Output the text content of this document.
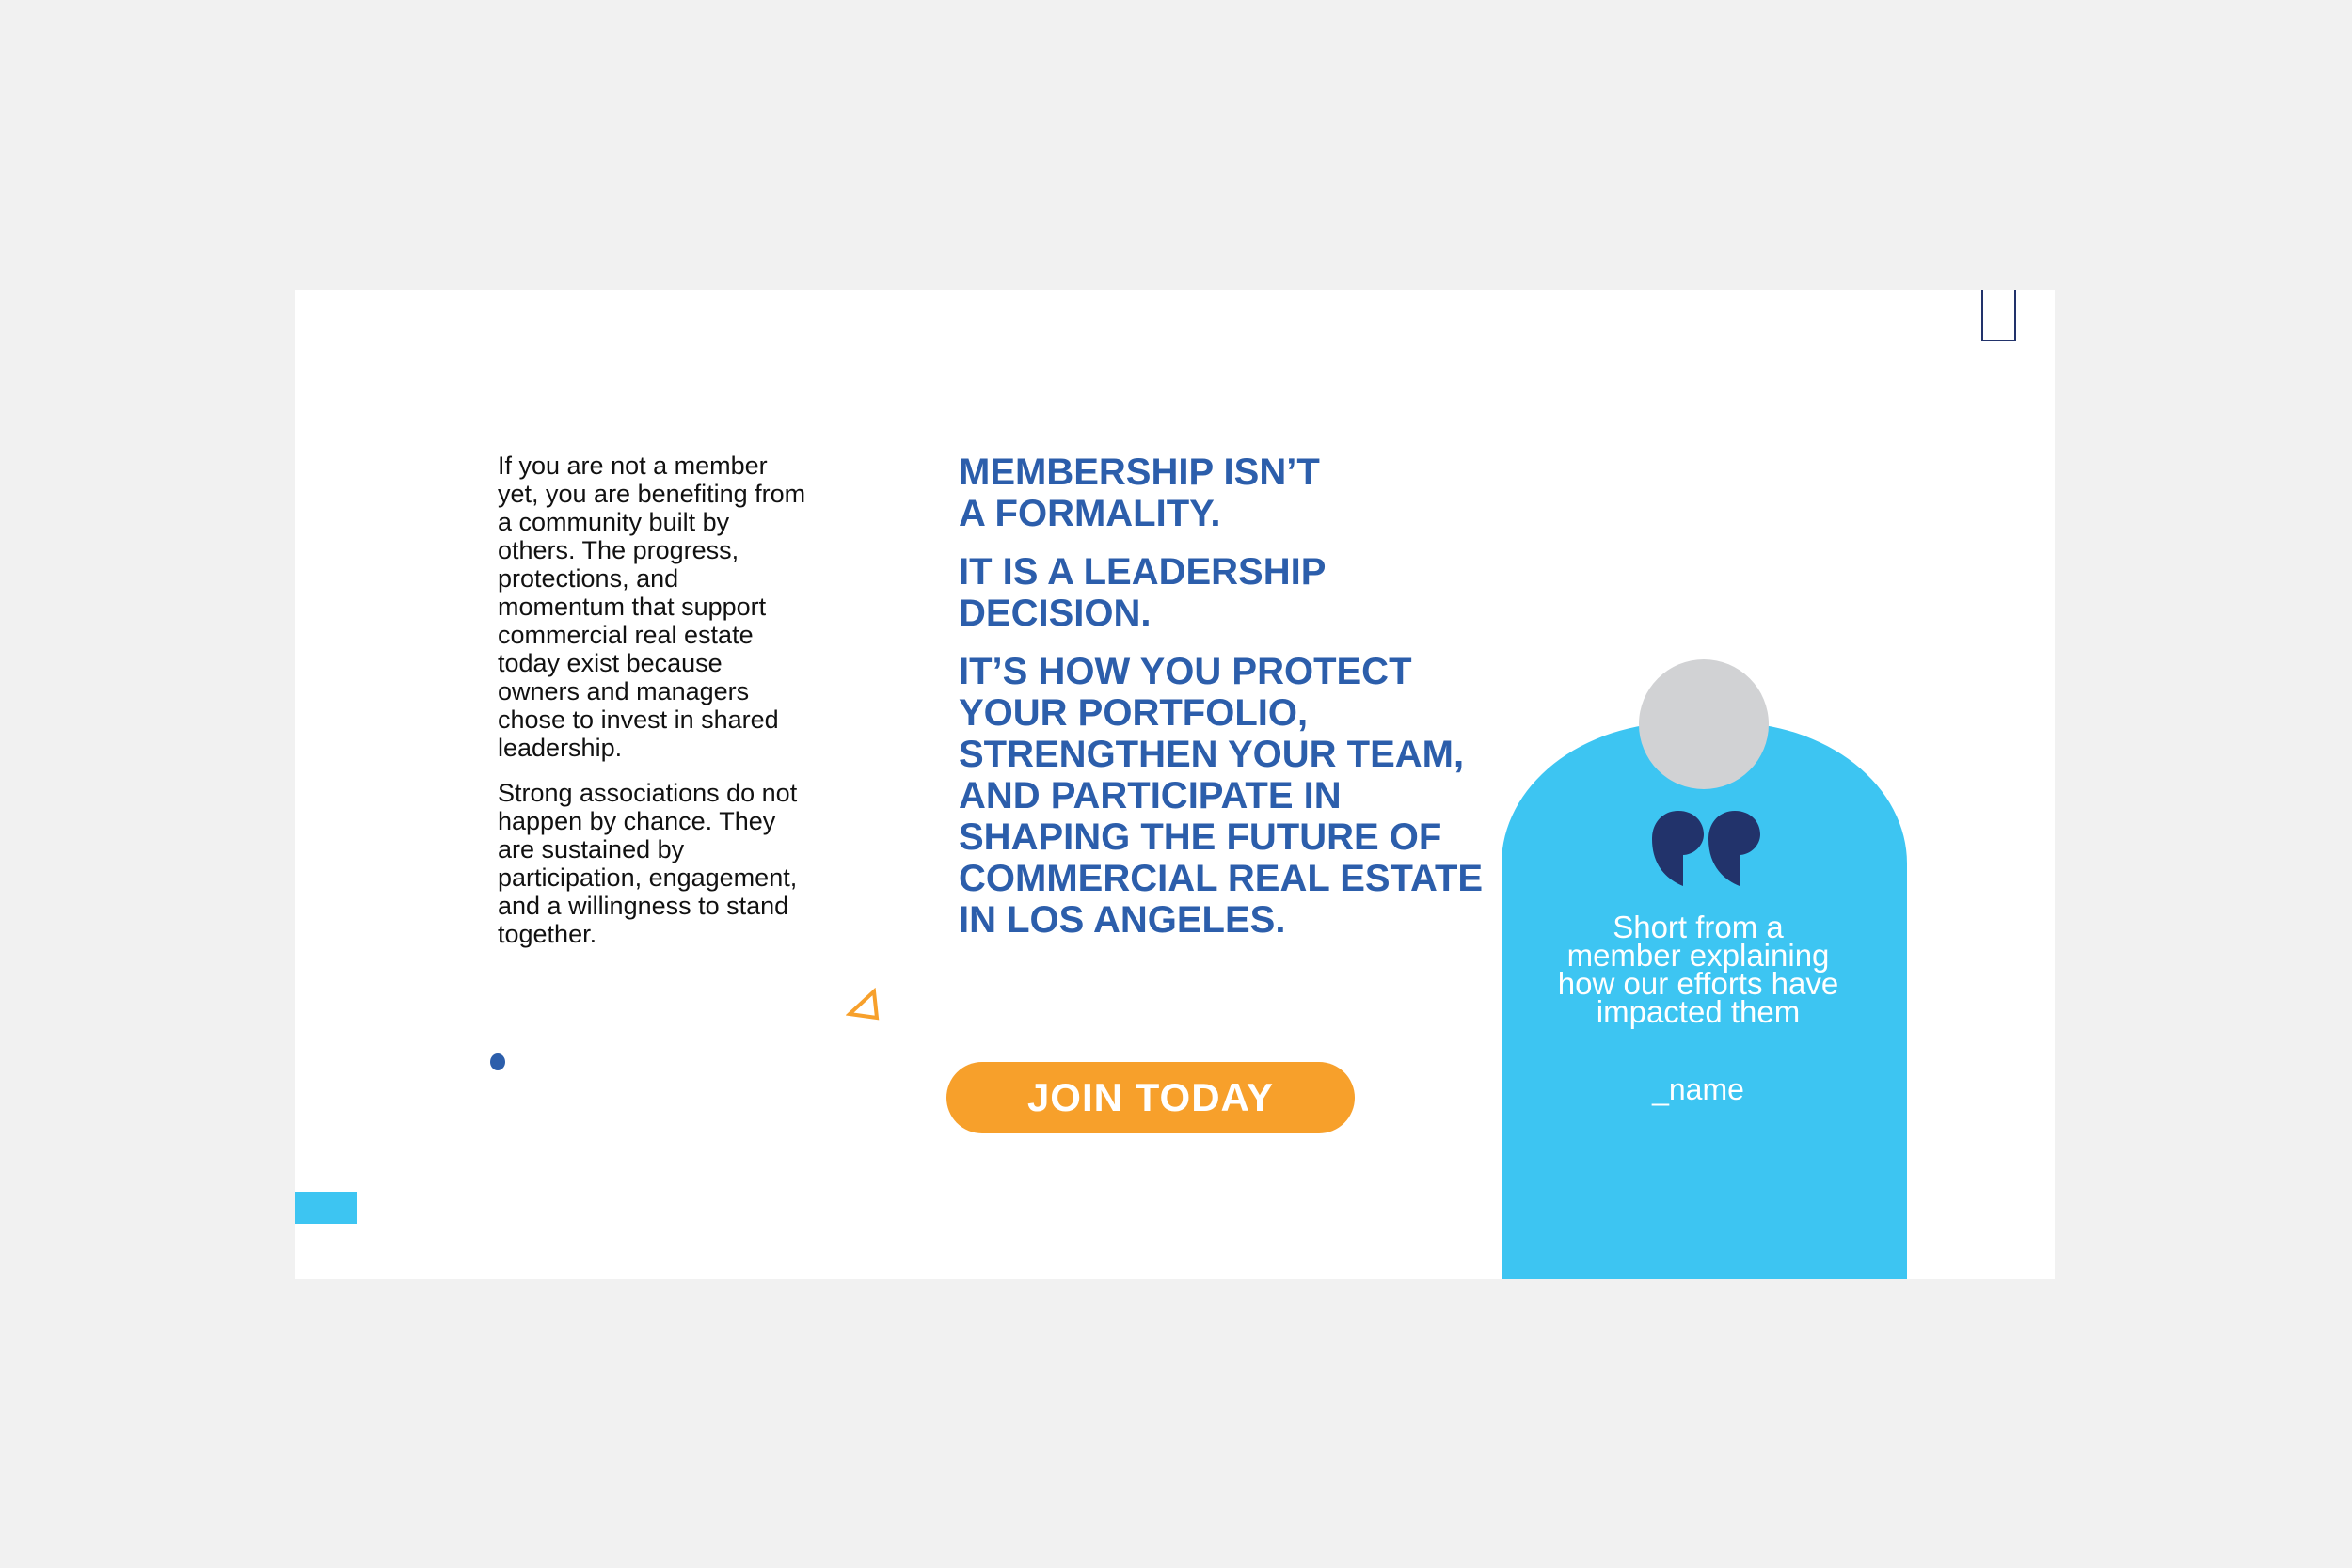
If you are not a member yet, you are benefiting from a community built by others. The progress, protections, and momentum that support commercial real estate today exist because owners and managers chose to invest in shared leadership.

Strong associations do not happen by chance. They are sustained by participation, engagement, and a willingness to stand together.

MEMBERSHIP ISN’T A FORMALITY.

IT IS A LEADERSHIP DECISION.

IT’S HOW YOU PROTECT YOUR PORTFOLIO, STRENGTHEN YOUR TEAM, AND PARTICIPATE IN SHAPING THE FUTURE OF COMMERCIAL REAL ESTATE IN LOS ANGELES.

JOIN TODAY
Short from a member explaining how our efforts have impacted them
_name
